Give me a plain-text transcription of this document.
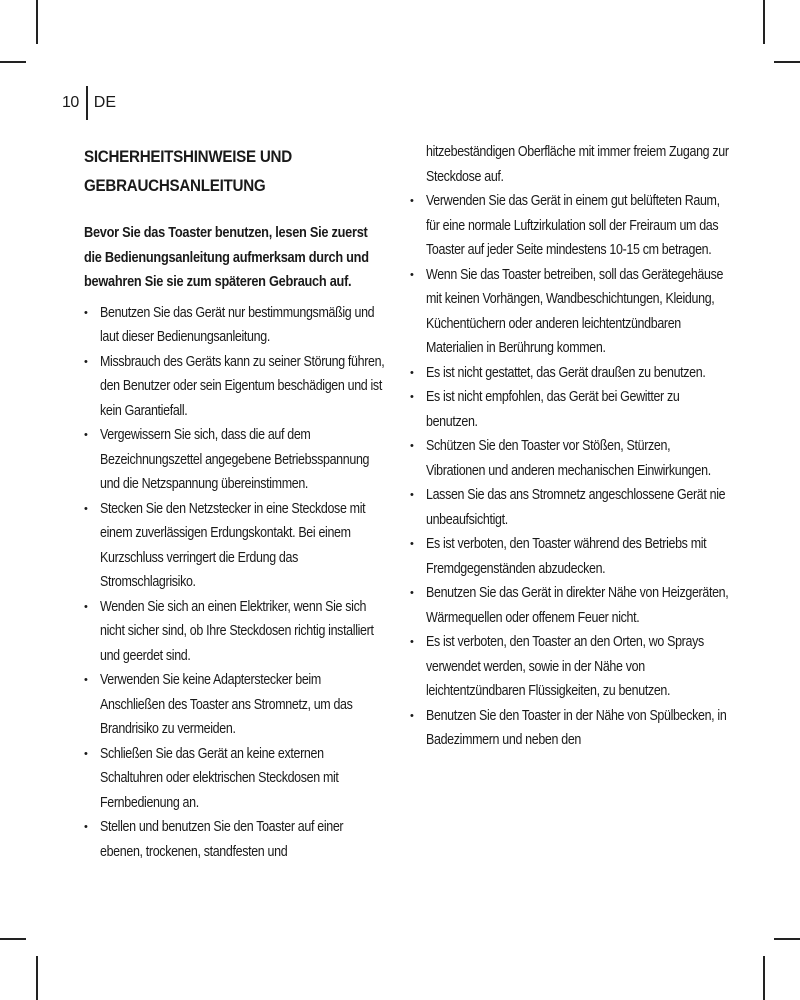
10 DE
SICHERHEITSHINWEISE UND
GEBRAUCHSANLEITUNG

Bevor Sie das Toaster benutzen, lesen Sie zuerst die Bedienungsanleitung aufmerksam durch und bewahren Sie sie zum späteren Gebrauch auf.

• Benutzen Sie das Gerät nur bestimmungsmäßig und laut dieser Bedienungsanleitung.
• Missbrauch des Geräts kann zu seiner Störung führen, den Benutzer oder sein Eigentum beschädigen und ist kein Garantiefall.
• Vergewissern Sie sich, dass die auf dem Bezeichnungszettel angegebene Betriebsspannung und die Netzspannung übereinstimmen.
• Stecken Sie den Netzstecker in eine Steckdose mit einem zuverlässigen Erdungskontakt. Bei einem Kurzschluss verringert die Erdung das Stromschlagrisiko.
• Wenden Sie sich an einen Elektriker, wenn Sie sich nicht sicher sind, ob Ihre Steckdosen richtig installiert und geerdet sind.
• Verwenden Sie keine Adapterstecker beim Anschließen des Toaster ans Stromnetz, um das Brandrisiko zu vermeiden.
• Schließen Sie das Gerät an keine externen Schaltuhren oder elektrischen Steckdosen mit Fernbedienung an.
• Stellen und benutzen Sie den Toaster auf einer ebenen, trockenen, standfesten und
hitzebeständigen Oberfläche mit immer freiem Zugang zur Steckdose auf.
• Verwenden Sie das Gerät in einem gut belüfteten Raum, für eine normale Luftzirkulation soll der Freiraum um das Toaster auf jeder Seite mindestens 10-15 cm betragen.
• Wenn Sie das Toaster betreiben, soll das Gerätegehäuse mit keinen Vorhängen, Wandbeschichtungen, Kleidung, Küchentüchern oder anderen leichtentzündbaren Materialien in Berührung kommen.
• Es ist nicht gestattet, das Gerät draußen zu benutzen.
• Es ist nicht empfohlen, das Gerät bei Gewitter zu benutzen.
• Schützen Sie den Toaster vor Stößen, Stürzen, Vibrationen und anderen mechanischen Einwirkungen.
• Lassen Sie das ans Stromnetz angeschlossene Gerät nie unbeaufsichtigt.
• Es ist verboten, den Toaster während des Betriebs mit Fremdgegenständen abzudecken.
• Benutzen Sie das Gerät in direkter Nähe von Heizgeräten, Wärmequellen oder offenem Feuer nicht.
• Es ist verboten, den Toaster an den Orten, wo Sprays verwendet werden, sowie in der Nähe von leichtentzündbaren Flüssigkeiten, zu benutzen.
• Benutzen Sie den Toaster in der Nähe von Spülbecken, in Badezimmern und neben den
